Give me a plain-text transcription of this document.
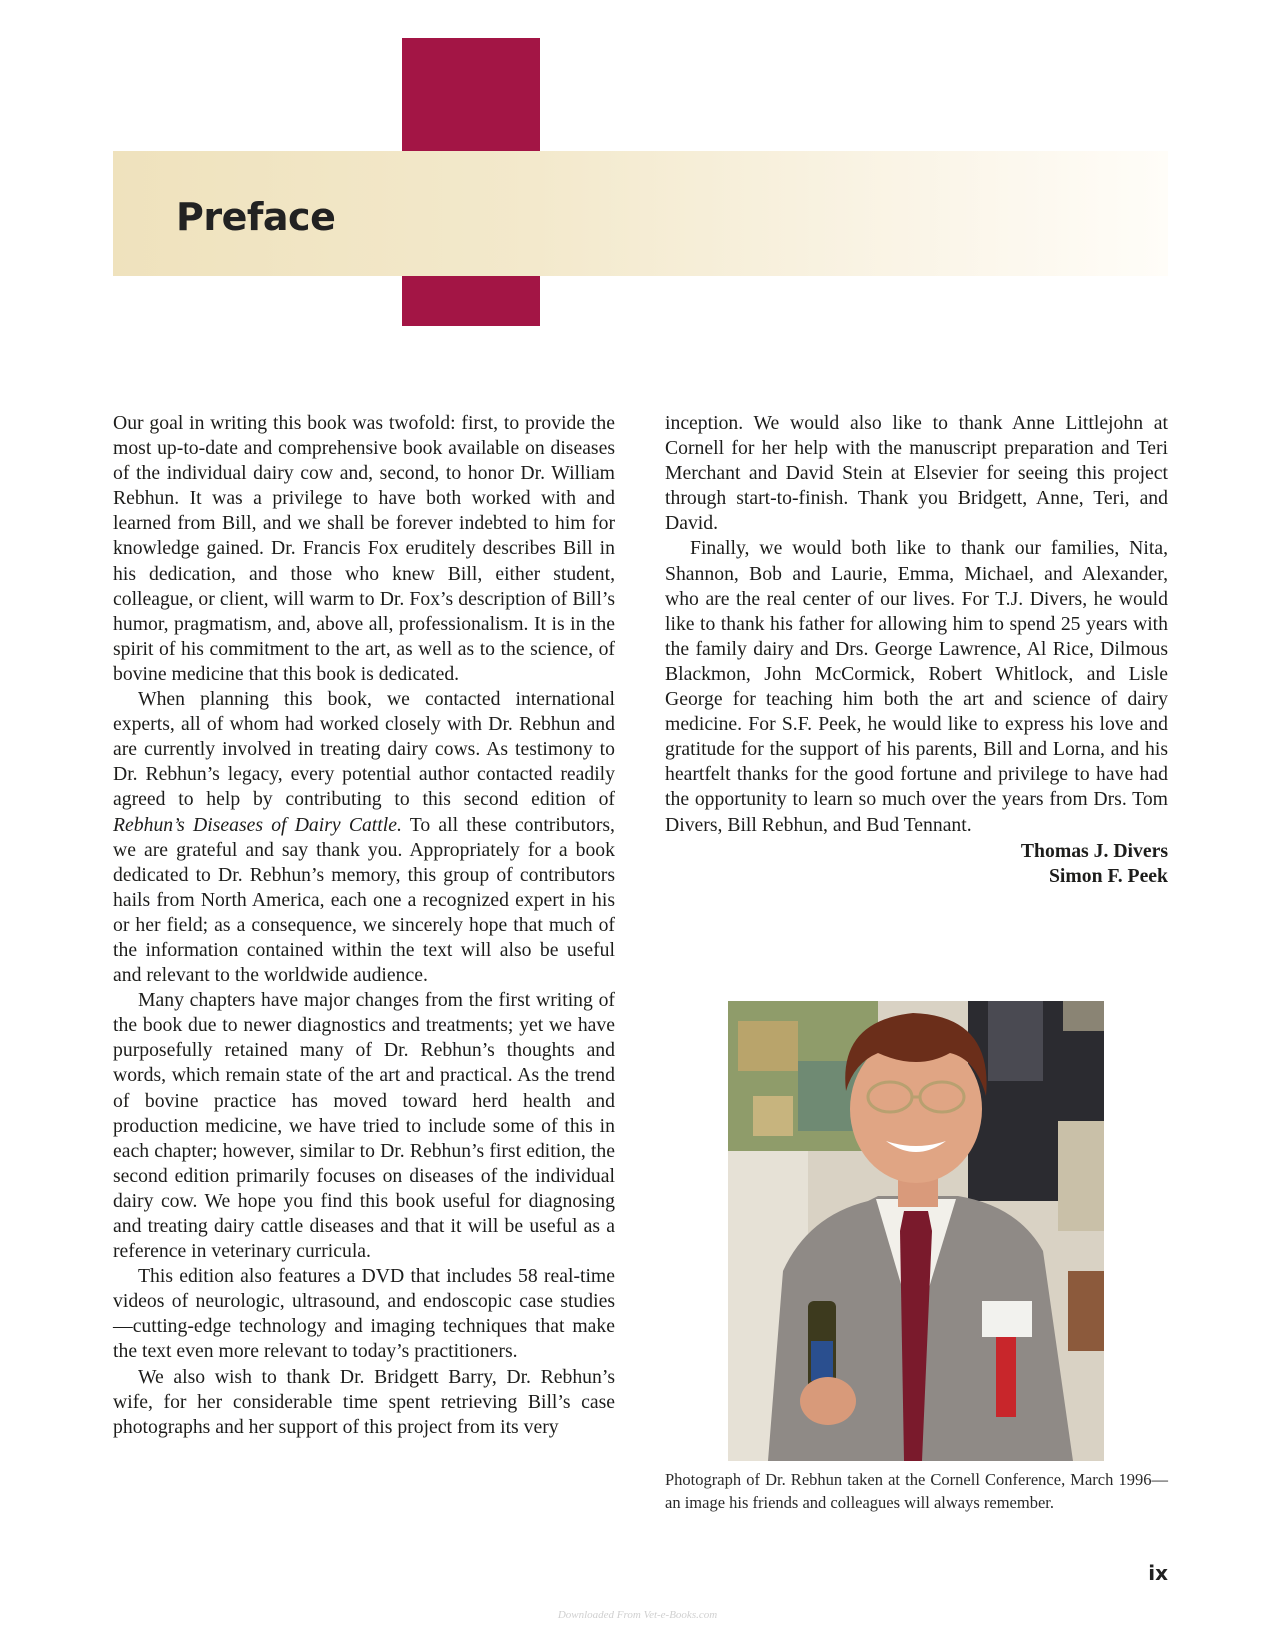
Preface

Our goal in writing this book was twofold: first, to provide the most up-to-date and comprehensive book available on diseases of the individual dairy cow and, second, to honor Dr. William Rebhun. It was a privilege to have both worked with and learned from Bill, and we shall be forever indebted to him for knowledge gained. Dr. Francis Fox eruditely describes Bill in his dedication, and those who knew Bill, either student, colleague, or client, will warm to Dr. Fox’s description of Bill’s humor, pragmatism, and, above all, professionalism. It is in the spirit of his commitment to the art, as well as to the science, of bovine medicine that this book is dedicated.

When planning this book, we contacted international experts, all of whom had worked closely with Dr. Rebhun and are currently involved in treating dairy cows. As testimony to Dr. Rebhun’s legacy, every potential author contacted readily agreed to help by contributing to this second edition of Rebhun’s Diseases of Dairy Cattle. To all these contributors, we are grateful and say thank you. Appropriately for a book dedicated to Dr. Rebhun’s memory, this group of contributors hails from North America, each one a recognized expert in his or her field; as a consequence, we sincerely hope that much of the information contained within the text will also be useful and relevant to the worldwide audience.

Many chapters have major changes from the first writing of the book due to newer diagnostics and treatments; yet we have purposefully retained many of Dr. Rebhun’s thoughts and words, which remain state of the art and practical. As the trend of bovine practice has moved toward herd health and production medicine, we have tried to include some of this in each chapter; however, similar to Dr. Rebhun’s first edition, the second edition primarily focuses on diseases of the individual dairy cow. We hope you find this book useful for diagnosing and treating dairy cattle diseases and that it will be useful as a reference in veterinary curricula.

This edition also features a DVD that includes 58 real-time videos of neurologic, ultrasound, and endoscopic case studies—cutting-edge technology and imaging techniques that make the text even more relevant to today’s practitioners.

We also wish to thank Dr. Bridgett Barry, Dr. Rebhun’s wife, for her considerable time spent retrieving Bill’s case photographs and her support of this project from its very

inception. We would also like to thank Anne Littlejohn at Cornell for her help with the manuscript preparation and Teri Merchant and David Stein at Elsevier for seeing this project through start-to-finish. Thank you Bridgett, Anne, Teri, and David.

Finally, we would both like to thank our families, Nita, Shannon, Bob and Laurie, Emma, Michael, and Alexander, who are the real center of our lives. For T.J. Divers, he would like to thank his father for allowing him to spend 25 years with the family dairy and Drs. George Lawrence, Al Rice, Dilmous Blackmon, John McCormick, Robert Whitlock, and Lisle George for teaching him both the art and science of dairy medicine. For S.F. Peek, he would like to express his love and gratitude for the support of his parents, Bill and Lorna, and his heartfelt thanks for the good fortune and privilege to have had the opportunity to learn so much over the years from Drs. Tom Divers, Bill Rebhun, and Bud Tennant.

Thomas J. Divers
Simon F. Peek
Photograph of Dr. Rebhun taken at the Cornell Conference, March 1996—an image his friends and colleagues will always remember.
ix
Downloaded From Vet-e-Books.com
